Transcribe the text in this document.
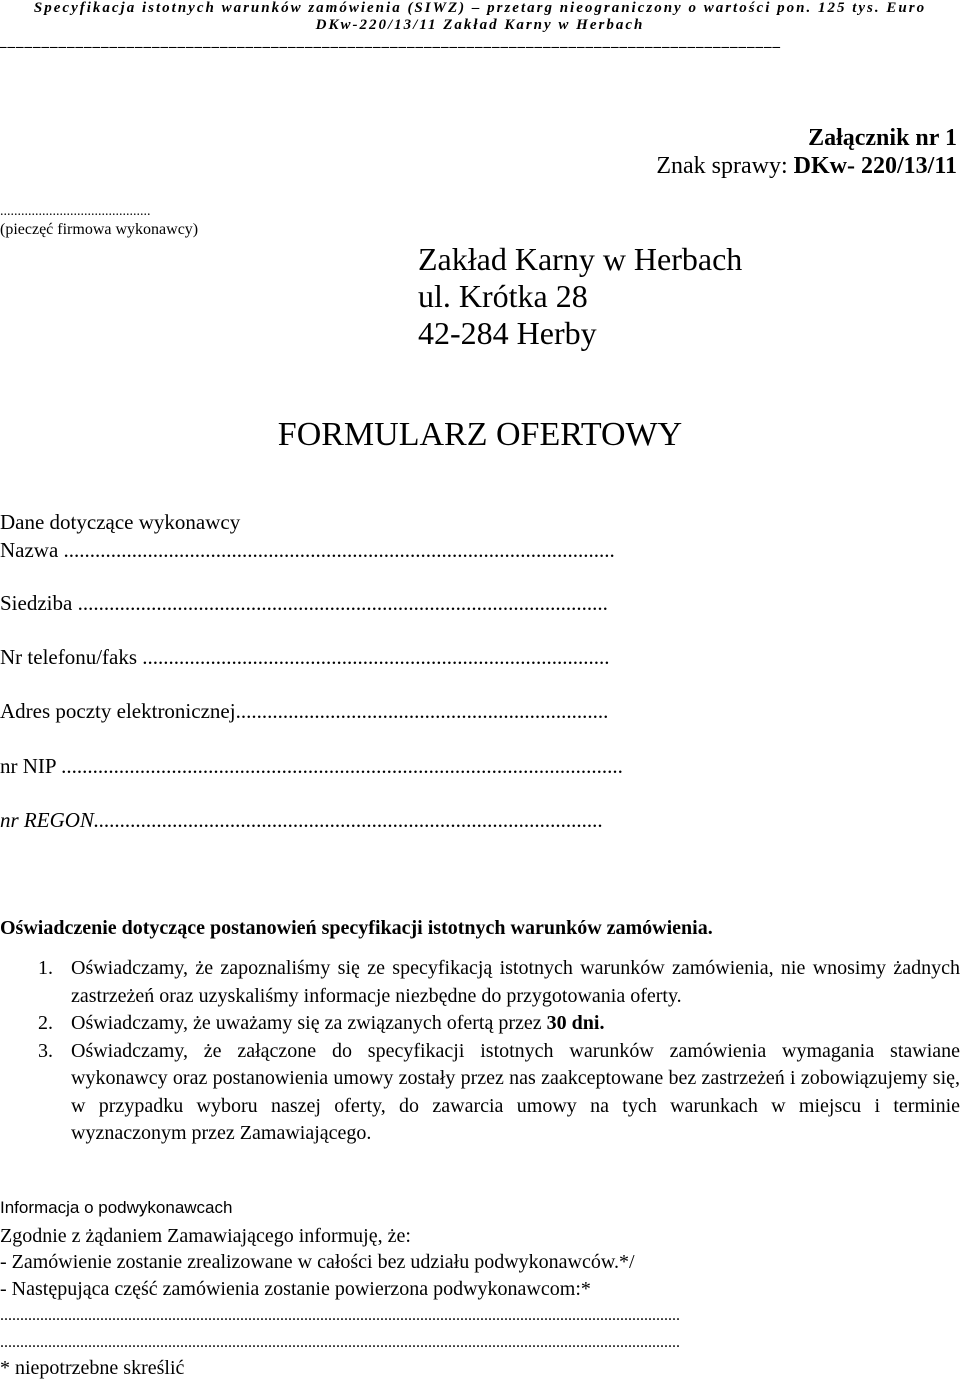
Specyfikacja istotnych warunków zamówienia (SIWZ) – przetarg nieograniczony o wartości pon. 125 tys. Euro
DKw-220/13/11 Zakład Karny w Herbach
____________________________________________________________________________________________
Załącznik nr 1
Znak sprawy: DKw- 220/13/11
...........................................
(pieczęć firmowa wykonawcy)
Zakład Karny w Herbach
ul. Krótka 28
42-284 Herby
FORMULARZ OFERTOWY
Dane dotyczące wykonawcy
Nazwa .........................................................................................................
Siedziba .....................................................................................................
Nr telefonu/faks .........................................................................................
Adres poczty elektronicznej.......................................................................
nr NIP ...........................................................................................................
nr REGON.................................................................................................
Oświadczenie dotyczące postanowień specyfikacji istotnych warunków zamówienia.
1. Oświadczamy, że zapoznaliśmy się ze specyfikacją istotnych warunków zamówienia, nie wnosimy żadnych zastrzeżeń oraz uzyskaliśmy informacje niezbędne do przygotowania oferty.
2. Oświadczamy, że uważamy się za związanych ofertą przez 30 dni.
3. Oświadczamy, że załączone do specyfikacji istotnych warunków zamówienia wymagania stawiane wykonawcy oraz postanowienia umowy zostały przez nas zaakceptowane bez zastrzeżeń i zobowiązujemy się, w przypadku wyboru naszej oferty, do zawarcia umowy na tych warunkach w miejscu i terminie wyznaczonym przez Zamawiającego.
Informacja o podwykonawcach
Zgodnie z żądaniem Zamawiającego informuję, że:
- Zamówienie zostanie zrealizowane w całości bez udziału podwykonawców.*/
- Następująca część zamówienia zostanie powierzona podwykonawcom:*
..........................................................................................................................................................................
..........................................................................................................................................................................
* niepotrzebne skreślić
